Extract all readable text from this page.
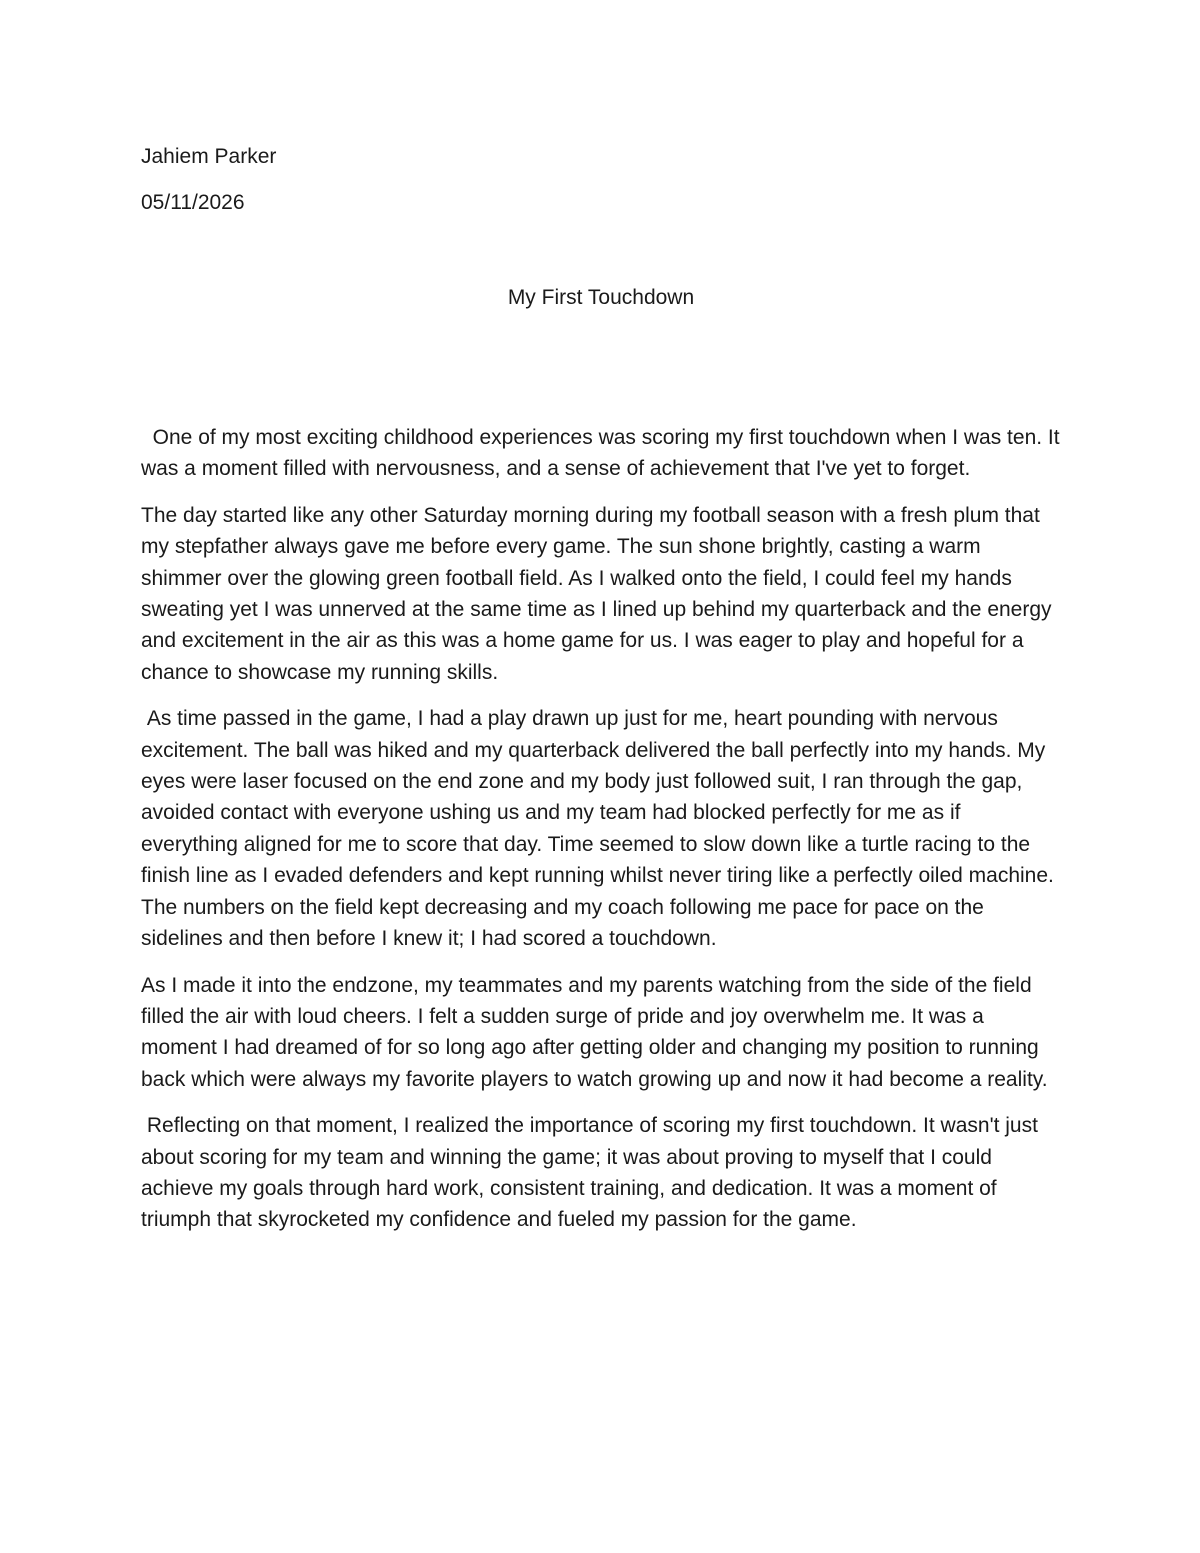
Jahiem Parker

05/11/2026

My First Touchdown

One of my most exciting childhood experiences was scoring my first touchdown when I was ten. It was a moment filled with nervousness, and a sense of achievement that I've yet to forget.

The day started like any other Saturday morning during my football season with a fresh plum that my stepfather always gave me before every game. The sun shone brightly, casting a warm shimmer over the glowing green football field. As I walked onto the field, I could feel my hands sweating yet I was unnerved at the same time as I lined up behind my quarterback and the energy and excitement in the air as this was a home game for us. I was eager to play and hopeful for a chance to showcase my running skills.

As time passed in the game, I had a play drawn up just for me, heart pounding with nervous excitement. The ball was hiked and my quarterback delivered the ball perfectly into my hands. My eyes were laser focused on the end zone and my body just followed suit, I ran through the gap, avoided contact with everyone ushing us and my team had blocked perfectly for me as if everything aligned for me to score that day. Time seemed to slow down like a turtle racing to the finish line as I evaded defenders and kept running whilst never tiring like a perfectly oiled machine. The numbers on the field kept decreasing and my coach following me pace for pace on the sidelines and then before I knew it; I had scored a touchdown.

As I made it into the endzone, my teammates and my parents watching from the side of the field filled the air with loud cheers. I felt a sudden surge of pride and joy overwhelm me. It was a moment I had dreamed of for so long ago after getting older and changing my position to running back which were always my favorite players to watch growing up and now it had become a reality.

Reflecting on that moment, I realized the importance of scoring my first touchdown. It wasn't just about scoring for my team and winning the game; it was about proving to myself that I could achieve my goals through hard work, consistent training, and dedication. It was a moment of triumph that skyrocketed my confidence and fueled my passion for the game.
